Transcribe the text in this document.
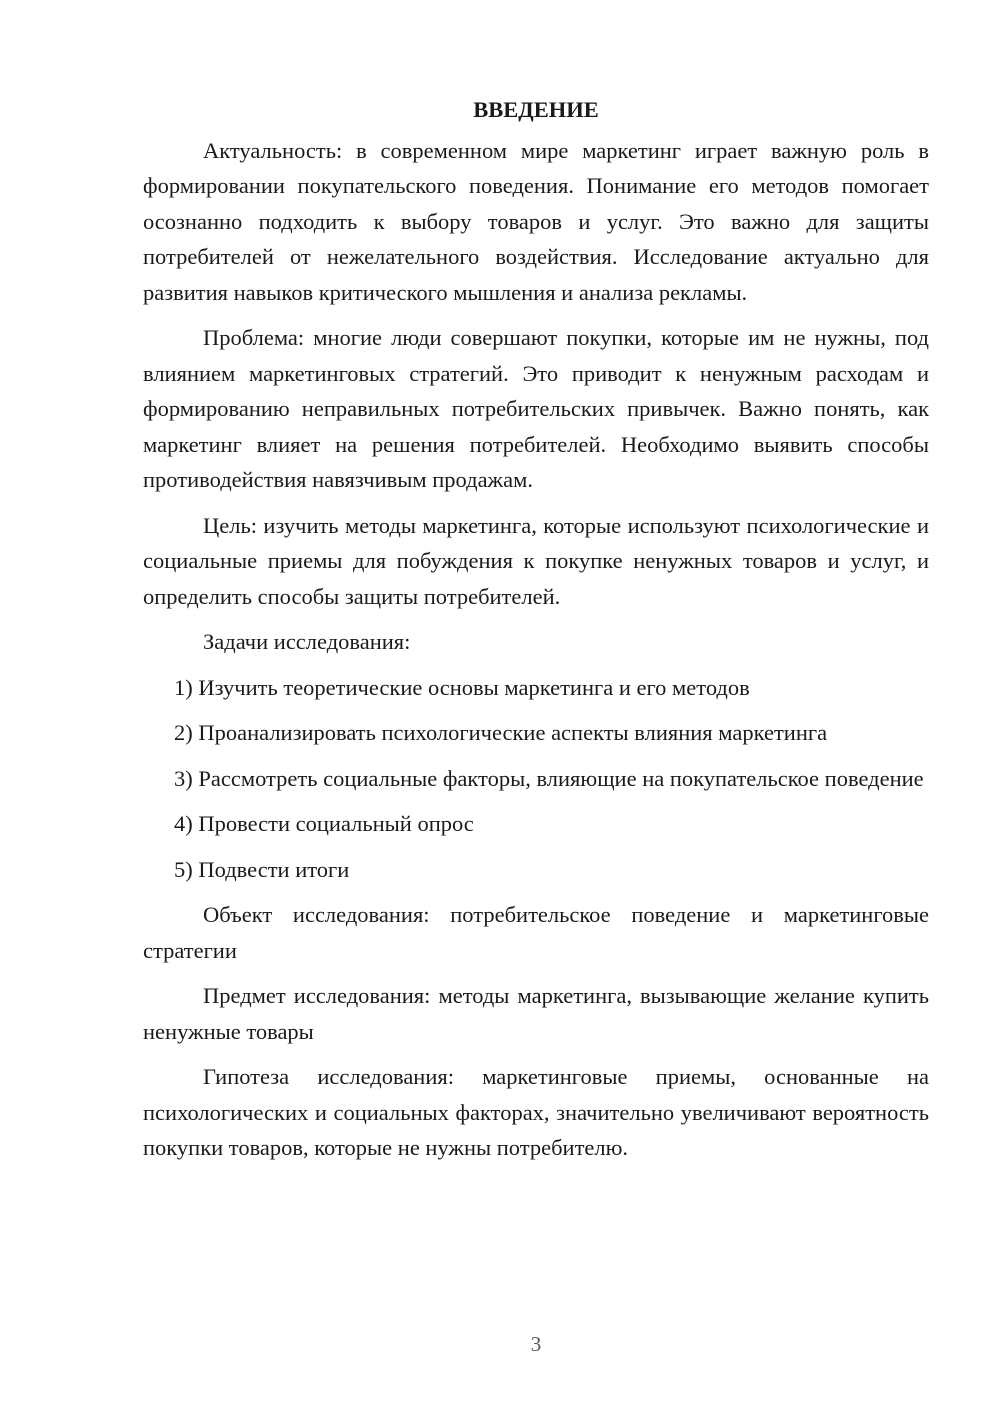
ВВЕДЕНИЕ

Актуальность: в современном мире маркетинг играет важную роль в формировании покупательского поведения. Понимание его методов помогает осознанно подходить к выбору товаров и услуг. Это важно для защиты потребителей от нежелательного воздействия. Исследование актуально для развития навыков критического мышления и анализа рекламы.

Проблема: многие люди совершают покупки, которые им не нужны, под влиянием маркетинговых стратегий. Это приводит к ненужным расходам и формированию неправильных потребительских привычек. Важно понять, как маркетинг влияет на решения потребителей. Необходимо выявить способы противодействия навязчивым продажам.

Цель: изучить методы маркетинга, которые используют психологические и социальные приемы для побуждения к покупке ненужных товаров и услуг, и определить способы защиты потребителей.

Задачи исследования:

1) Изучить теоретические основы маркетинга и его методов

2) Проанализировать психологические аспекты влияния маркетинга

3) Рассмотреть социальные факторы, влияющие на покупательское поведение

4) Провести социальный опрос

5) Подвести итоги

Объект исследования: потребительское поведение и маркетинговые стратегии

Предмет исследования: методы маркетинга, вызывающие желание купить ненужные товары

Гипотеза исследования: маркетинговые приемы, основанные на психологических и социальных факторах, значительно увеличивают вероятность покупки товаров, которые не нужны потребителю.

3
